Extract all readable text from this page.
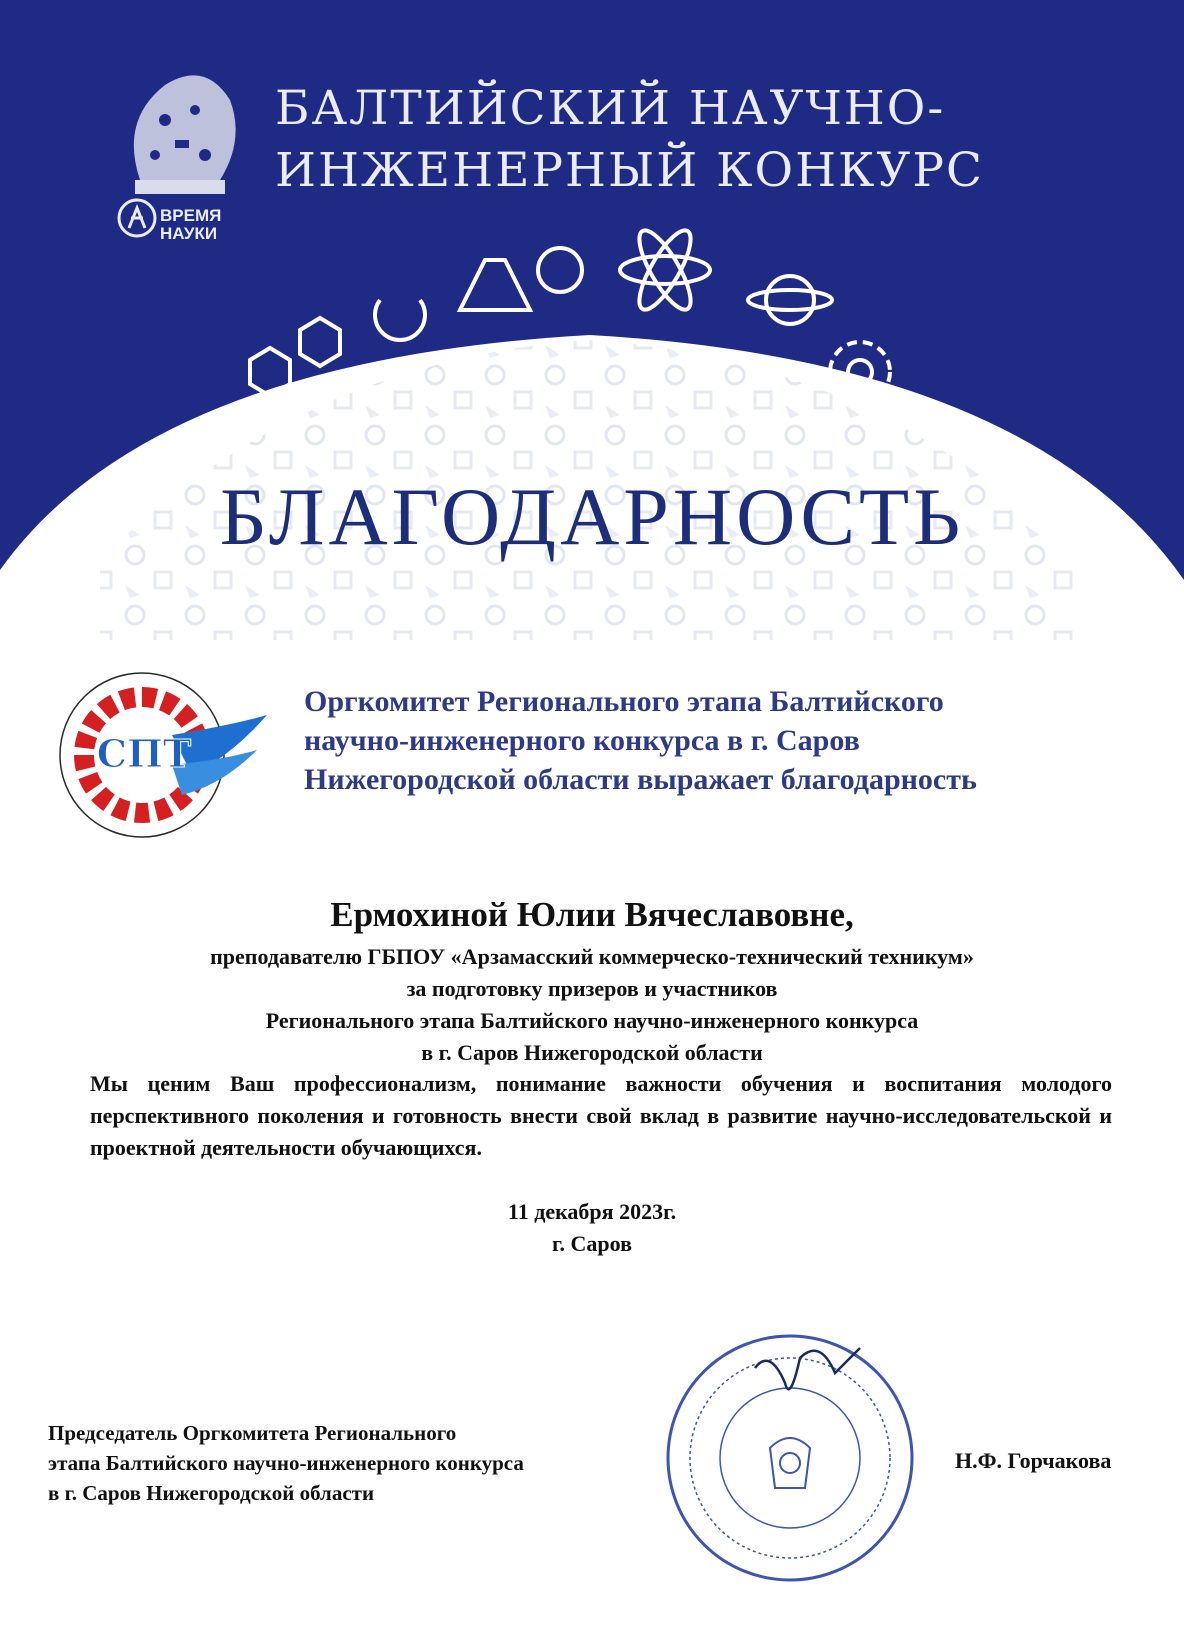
БАЛТИЙСКИЙ НАУЧНО-
ИНЖЕНЕРНЫЙ КОНКУРС
ВРЕМЯ
НАУКИ
БЛАГОДАРНОСТЬ
СПТ
Оргкомитет Регионального этапа Балтийского
научно-инженерного конкурса в г. Саров
Нижегородской области выражает благодарность
Ермохиной Юлии Вячеславовне,
преподавателю ГБПОУ «Арзамасский коммерческо-технический техникум»
за подготовку призеров и участников
Регионального этапа Балтийского научно-инженерного конкурса
в г. Саров Нижегородской области
Мы ценим Ваш профессионализм, понимание важности обучения и воспитания молодого перспективного поколения и готовность внести свой вклад в развитие научно-исследовательской и проектной деятельности обучающихся.
11 декабря 2023г.
г. Саров
Председатель Оргкомитета Регионального
этапа Балтийского научно-инженерного конкурса
в г. Саров Нижегородской области
Н.Ф. Горчакова
